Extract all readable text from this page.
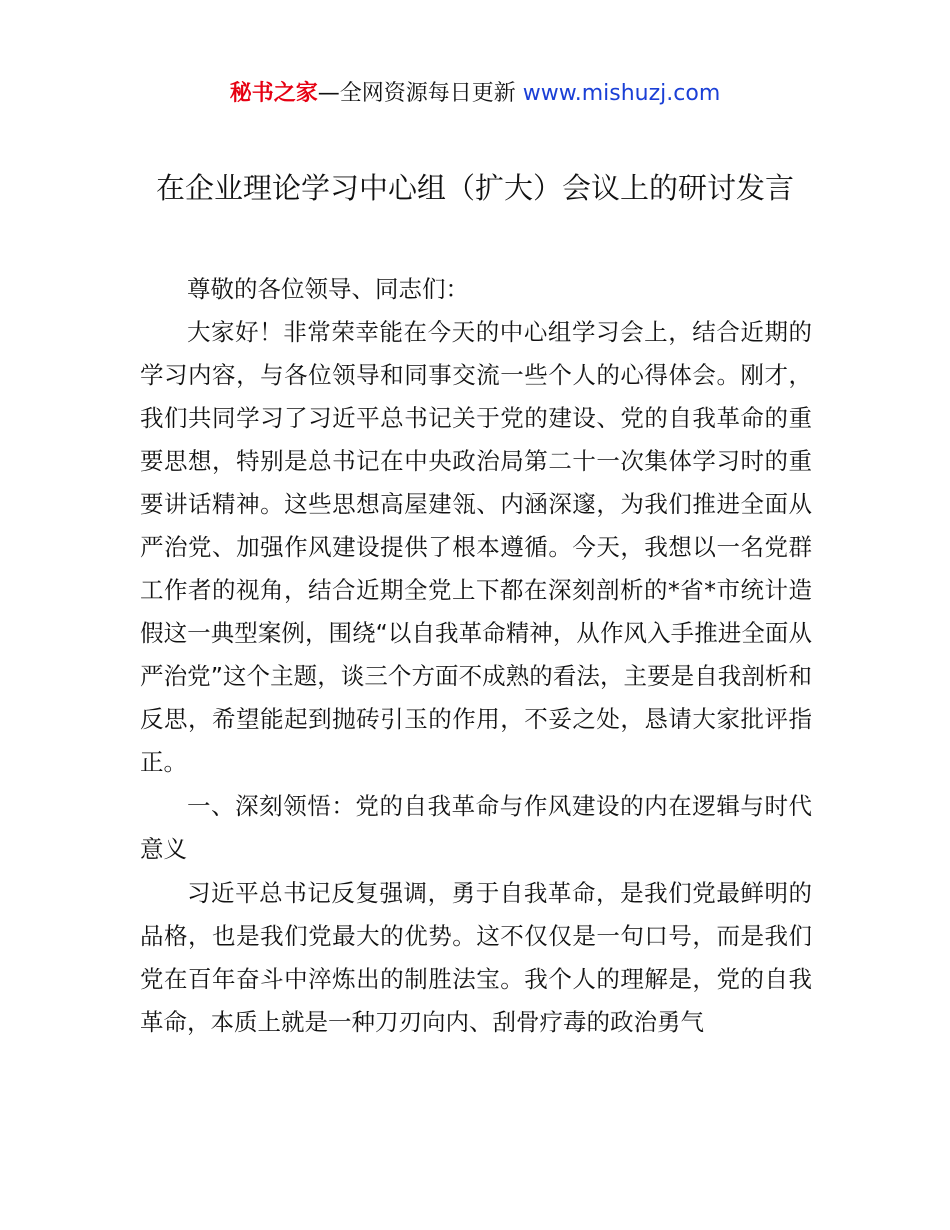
秘书之家—全网资源每日更新 www.mishuzj.com
在企业理论学习中心组（扩大）会议上的研讨发言

尊敬的各位领导、同志们：

大家好！非常荣幸能在今天的中心组学习会上，结合近期的学习内容，与各位领导和同事交流一些个人的心得体会。刚才，我们共同学习了习近平总书记关于党的建设、党的自我革命的重要思想，特别是总书记在中央政治局第二十一次集体学习时的重要讲话精神。这些思想高屋建瓴、内涵深邃，为我们推进全面从严治党、加强作风建设提供了根本遵循。今天，我想以一名党群工作者的视角，结合近期全党上下都在深刻剖析的*省*市统计造假这一典型案例，围绕“以自我革命精神，从作风入手推进全面从严治党”这个主题，谈三个方面不成熟的看法，主要是自我剖析和反思，希望能起到抛砖引玉的作用，不妥之处，恳请大家批评指正。

一、深刻领悟：党的自我革命与作风建设的内在逻辑与时代意义

习近平总书记反复强调，勇于自我革命，是我们党最鲜明的品格，也是我们党最大的优势。这不仅仅是一句口号，而是我们党在百年奋斗中淬炼出的制胜法宝。我个人的理解是，党的自我革命，本质上就是一种刀刃向内、刮骨疗毒的政治勇气
